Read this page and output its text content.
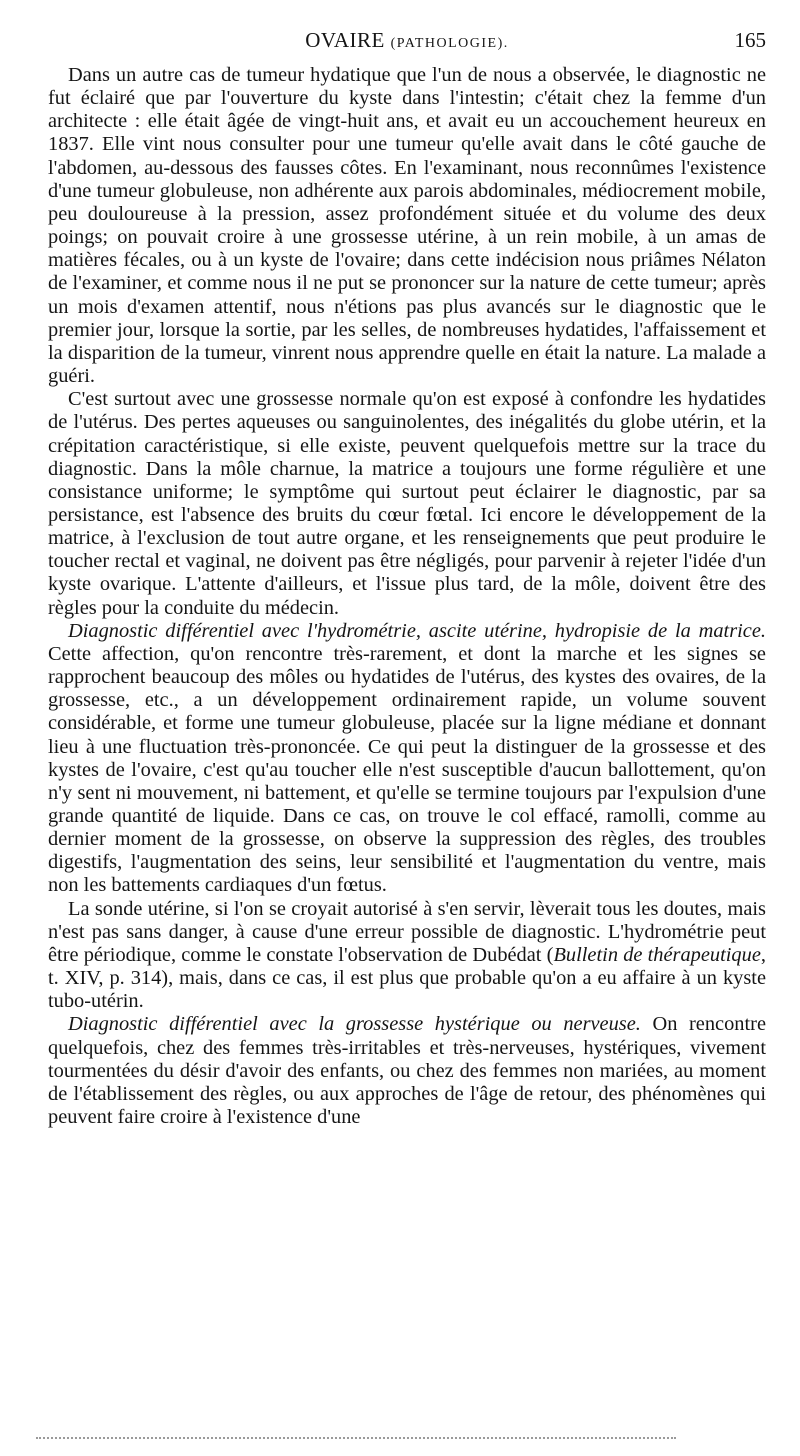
OVAIRE (PATHOLOGIE).	165

Dans un autre cas de tumeur hydatique que l'un de nous a observée, le diagnostic ne fut éclairé que par l'ouverture du kyste dans l'intestin; c'était chez la femme d'un architecte : elle était âgée de vingt-huit ans, et avait eu un accouchement heureux en 1837. Elle vint nous consulter pour une tumeur qu'elle avait dans le côté gauche de l'abdomen, au-dessous des fausses côtes. En l'examinant, nous reconnûmes l'existence d'une tumeur globuleuse, non adhérente aux parois abdominales, médiocrement mobile, peu douloureuse à la pression, assez profondément située et du volume des deux poings; on pouvait croire à une grossesse utérine, à un rein mobile, à un amas de matières fécales, ou à un kyste de l'ovaire; dans cette indécision nous priâmes Nélaton de l'examiner, et comme nous il ne put se prononcer sur la nature de cette tumeur; après un mois d'examen attentif, nous n'étions pas plus avancés sur le diagnostic que le premier jour, lorsque la sortie, par les selles, de nombreuses hydatides, l'affaissement et la disparition de la tumeur, vinrent nous apprendre quelle en était la nature. La malade a guéri.

C'est surtout avec une grossesse normale qu'on est exposé à confondre les hydatides de l'utérus. Des pertes aqueuses ou sanguinolentes, des inégalités du globe utérin, et la crépitation caractéristique, si elle existe, peuvent quelquefois mettre sur la trace du diagnostic. Dans la môle charnue, la matrice a toujours une forme régulière et une consistance uniforme; le symptôme qui surtout peut éclairer le diagnostic, par sa persistance, est l'absence des bruits du cœur fœtal. Ici encore le développement de la matrice, à l'exclusion de tout autre organe, et les renseignements que peut produire le toucher rectal et vaginal, ne doivent pas être négligés, pour parvenir à rejeter l'idée d'un kyste ovarique. L'attente d'ailleurs, et l'issue plus tard, de la môle, doivent être des règles pour la conduite du médecin.

Diagnostic différentiel avec l'hydrométrie, ascite utérine, hydropisie de la matrice. Cette affection, qu'on rencontre très-rarement, et dont la marche et les signes se rapprochent beaucoup des môles ou hydatides de l'utérus, des kystes des ovaires, de la grossesse, etc., a un développement ordinairement rapide, un volume souvent considérable, et forme une tumeur globuleuse, placée sur la ligne médiane et donnant lieu à une fluctuation très-prononcée. Ce qui peut la distinguer de la grossesse et des kystes de l'ovaire, c'est qu'au toucher elle n'est susceptible d'aucun ballottement, qu'on n'y sent ni mouvement, ni battement, et qu'elle se termine toujours par l'expulsion d'une grande quantité de liquide. Dans ce cas, on trouve le col effacé, ramolli, comme au dernier moment de la grossesse, on observe la suppression des règles, des troubles digestifs, l'augmentation des seins, leur sensibilité et l'augmentation du ventre, mais non les battements cardiaques d'un fœtus.

La sonde utérine, si l'on se croyait autorisé à s'en servir, lèverait tous les doutes, mais n'est pas sans danger, à cause d'une erreur possible de diagnostic. L'hydrométrie peut être périodique, comme le constate l'observation de Dubédat (Bulletin de thérapeutique, t. XIV, p. 314), mais, dans ce cas, il est plus que probable qu'on a eu affaire à un kyste tubo-utérin.

Diagnostic différentiel avec la grossesse hystérique ou nerveuse. On rencontre quelquefois, chez des femmes très-irritables et très-nerveuses, hystériques, vivement tourmentées du désir d'avoir des enfants, ou chez des femmes non mariées, au moment de l'établissement des règles, ou aux approches de l'âge de retour, des phénomènes qui peuvent faire croire à l'existence d'une
